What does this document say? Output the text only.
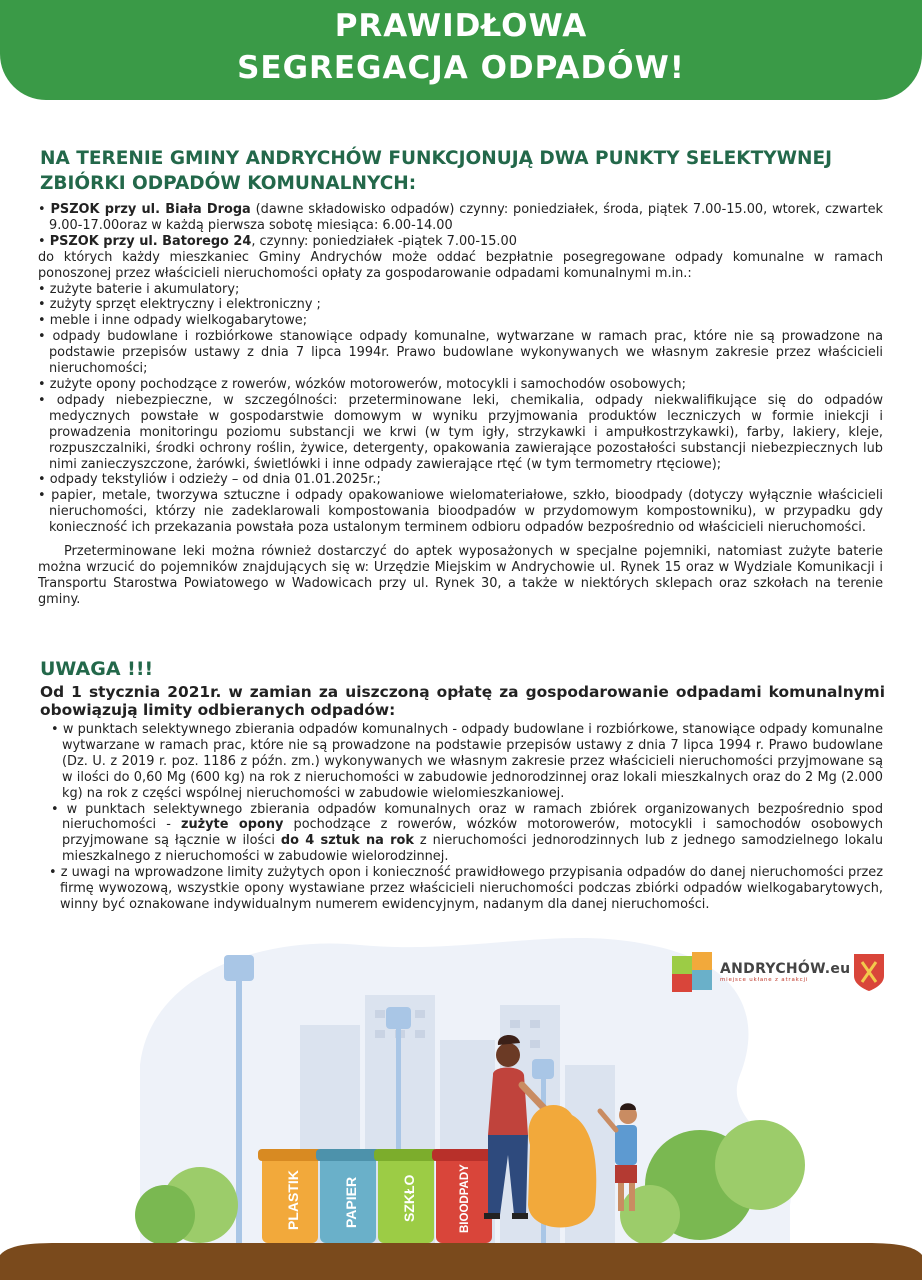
PRAWIDŁOWA
SEGREGACJA ODPADÓW!
NA TERENIE GMINY ANDRYCHÓW FUNKCJONUJĄ DWA PUNKTY SELEKTYWNEJ ZBIÓRKI ODPADÓW KOMUNALNYCH:
• PSZOK przy ul. Biała Droga (dawne składowisko odpadów) czynny: poniedziałek, środa, piątek 7.00-15.00, wtorek, czwartek 9.00-17.00oraz w każdą pierwsza sobotę miesiąca: 6.00-14.00
• PSZOK przy ul. Batorego 24, czynny: poniedziałek -piątek 7.00-15.00
do których każdy mieszkaniec Gminy Andrychów może oddać bezpłatnie posegregowane odpady komunalne w ramach ponoszonej przez właścicieli nieruchomości opłaty za gospodarowanie odpadami komunalnymi m.in.:
• zużyte baterie i akumulatory;
• zużyty sprzęt elektryczny i elektroniczny ;
• meble i inne odpady wielkogabarytowe;
• odpady budowlane i rozbiórkowe stanowiące odpady komunalne, wytwarzane w ramach prac, które nie są prowadzone na podstawie przepisów ustawy z dnia 7 lipca 1994r. Prawo budowlane wykonywanych we własnym zakresie przez właścicieli nieruchomości;
• zużyte opony pochodzące z rowerów, wózków motorowerów, motocykli i samochodów osobowych;
• odpady niebezpieczne, w szczególności: przeterminowane leki, chemikalia, odpady niekwalifikujące się do odpadów medycznych powstałe w gospodarstwie domowym w wyniku przyjmowania produktów leczniczych w formie iniekcji i prowadzenia monitoringu poziomu substancji we krwi (w tym igły, strzykawki i ampułkostrzykawki), farby, lakiery, kleje, rozpuszczalniki, środki ochrony roślin, żywice, detergenty, opakowania zawierające pozostałości substancji niebezpiecznych lub nimi zanieczyszczone, żarówki, świetlówki i inne odpady zawierające rtęć (w tym termometry rtęciowe);
• odpady tekstyliów i odzieży – od dnia 01.01.2025r.;
• papier, metale, tworzywa sztuczne i odpady opakowaniowe wielomateriałowe, szkło, bioodpady (dotyczy wyłącznie właścicieli nieruchomości, którzy nie zadeklarowali kompostowania bioodpadów w przydomowym kompostowniku), w przypadku gdy konieczność ich przekazania powstała poza ustalonym terminem odbioru odpadów bezpośrednio od właścicieli nieruchomości.
Przeterminowane leki można również dostarczyć do aptek wyposażonych w specjalne pojemniki, natomiast zużyte baterie można wrzucić do pojemników znajdujących się w: Urzędzie Miejskim w Andrychowie ul. Rynek 15 oraz w Wydziale Komunikacji i Transportu Starostwa Powiatowego w Wadowicach przy ul. Rynek 30, a także w niektórych sklepach oraz szkołach na terenie gminy.
UWAGA !!!
Od 1 stycznia 2021r. w zamian za uiszczoną opłatę za gospodarowanie odpadami komunalnymi obowiązują limity odbieranych odpadów:
• w punktach selektywnego zbierania odpadów komunalnych - odpady budowlane i rozbiórkowe, stanowiące odpady komunalne wytwarzane w ramach prac, które nie są prowadzone na podstawie przepisów ustawy z dnia 7 lipca 1994 r. Prawo budowlane (Dz. U. z 2019 r. poz. 1186 z późn. zm.) wykonywanych we własnym zakresie przez właścicieli nieruchomości przyjmowane są w ilości do 0,60 Mg (600 kg) na rok z nieruchomości w zabudowie jednorodzinnej oraz lokali mieszkalnych oraz do 2 Mg (2.000 kg) na rok z części wspólnej nieruchomości w zabudowie wielomieszkaniowej.
• w punktach selektywnego zbierania odpadów komunalnych oraz w ramach zbiórek organizowanych bezpośrednio spod nieruchomości - zużyte opony pochodzące z rowerów, wózków motorowerów, motocykli i samochodów osobowych przyjmowane są łącznie w ilości do 4 sztuk na rok z nieruchomości jednorodzinnych lub z jednego samodzielnego lokalu mieszkalnego z nieruchomości w zabudowie wielorodzinnej.
• z uwagi na wprowadzone limity zużytych opon i konieczność prawidłowego przypisania odpadów do danej nieruchomości przez firmę wywozową, wszystkie opony wystawiane przez właścicieli nieruchomości podczas zbiórki odpadów wielkogabarytowych, winny być oznakowane indywidualnym numerem ewidencyjnym, nadanym dla danej nieruchomości.
PLASTIK	PAPIER	SZKŁO	BIOODPADY
ANDRYCHÓW.eu
miejsce ukłane z atrakcji
